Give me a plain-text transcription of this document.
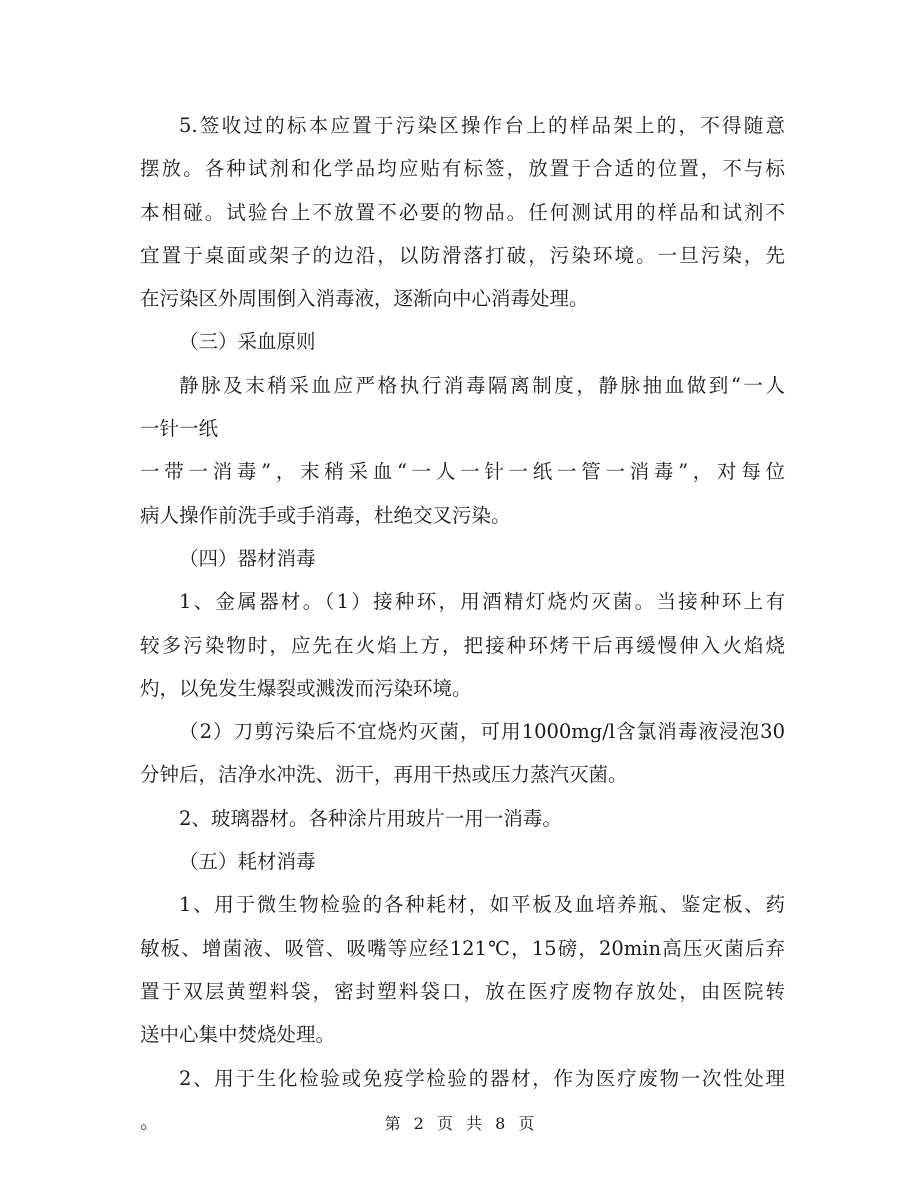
5.签收过的标本应置于污染区操作台上的样品架上的，不得随意
摆放。各种试剂和化学品均应贴有标签，放置于合适的位置，不与标
本相碰。试验台上不放置不必要的物品。任何测试用的样品和试剂不
宜置于桌面或架子的边沿，以防滑落打破，污染环境。一旦污染，先
在污染区外周围倒入消毒液，逐渐向中心消毒处理。
（三）采血原则
静脉及末稍采血应严格执行消毒隔离制度，静脉抽血做到“一人
一针一纸
一带一消毒”，末稍采血“一人一针一纸一管一消毒”，对每位
病人操作前洗手或手消毒，杜绝交叉污染。
（四）器材消毒
1、金属器材。（1）接种环，用酒精灯烧灼灭菌。当接种环上有
较多污染物时，应先在火焰上方，把接种环烤干后再缓慢伸入火焰烧
灼，以免发生爆裂或溅泼而污染环境。
（2）刀剪污染后不宜烧灼灭菌，可用1000mg/l含氯消毒液浸泡30
分钟后，洁净水冲洗、沥干，再用干热或压力蒸汽灭菌。
2、玻璃器材。各种涂片用玻片一用一消毒。
（五）耗材消毒
1、用于微生物检验的各种耗材，如平板及血培养瓶、鉴定板、药
敏板、增菌液、吸管、吸嘴等应经121℃，15磅，20min高压灭菌后弃
置于双层黄塑料袋，密封塑料袋口，放在医疗废物存放处，由医院转
送中心集中焚烧处理。
2、用于生化检验或免疫学检验的器材，作为医疗废物一次性处理
。	第 2 页 共 8 页
